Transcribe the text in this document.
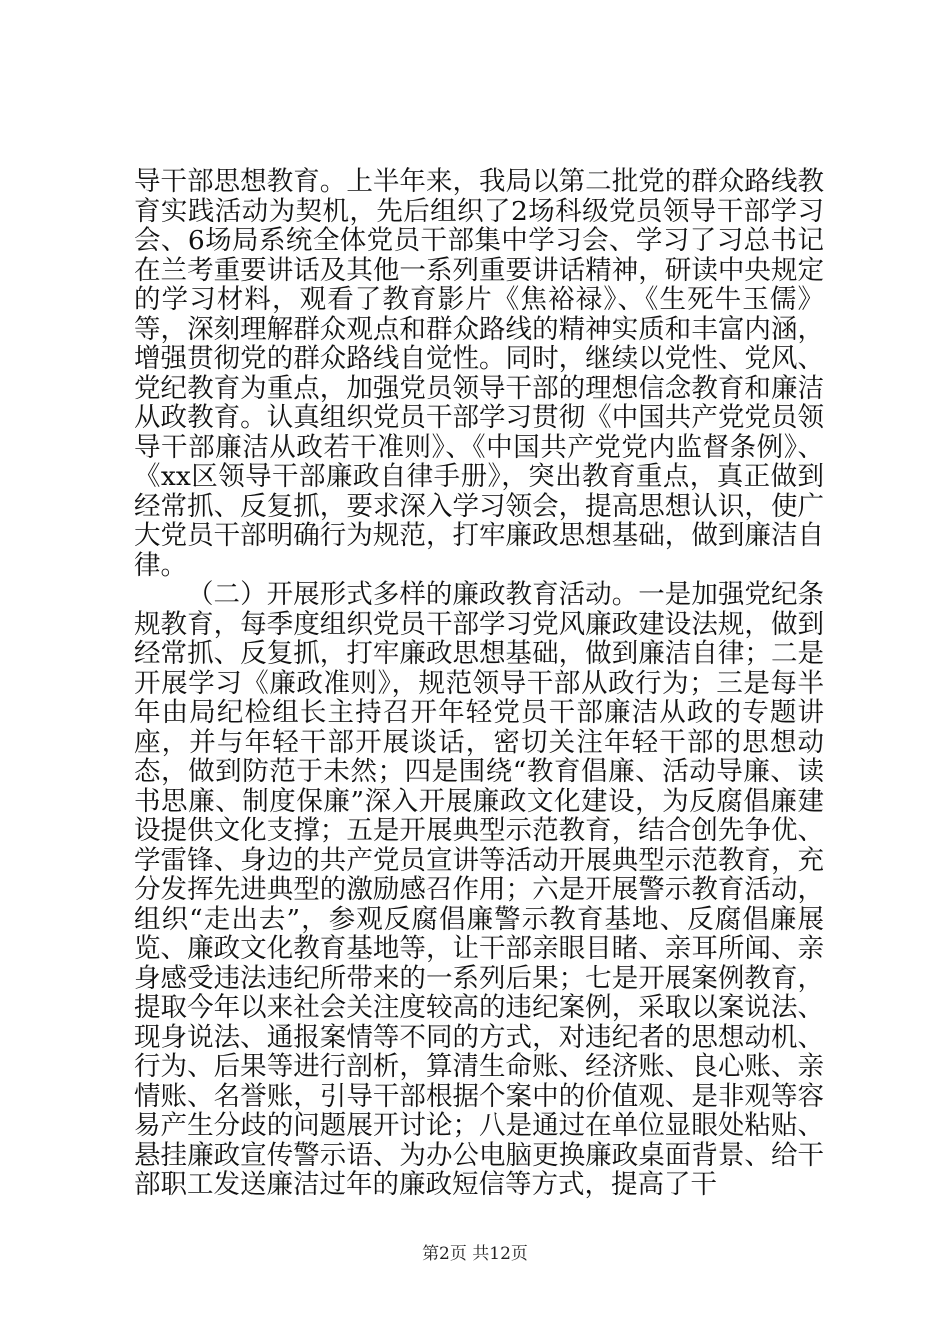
导干部思想教育。上半年来，我局以第二批党的群众路线教育实践活动为契机，先后组织了2场科级党员领导干部学习会、6场局系统全体党员干部集中学习会、学习了习总书记在兰考重要讲话及其他一系列重要讲话精神，研读中央规定的学习材料，观看了教育影片《焦裕禄》、《生死牛玉儒》等，深刻理解群众观点和群众路线的精神实质和丰富内涵，增强贯彻党的群众路线自觉性。同时，继续以党性、党风、党纪教育为重点，加强党员领导干部的理想信念教育和廉洁从政教育。认真组织党员干部学习贯彻《中国共产党党员领导干部廉洁从政若干准则》、《中国共产党党内监督条例》、《xx区领导干部廉政自律手册》，突出教育重点，真正做到经常抓、反复抓，要求深入学习领会，提高思想认识，使广大党员干部明确行为规范，打牢廉政思想基础，做到廉洁自律。

（二）开展形式多样的廉政教育活动。一是加强党纪条规教育，每季度组织党员干部学习党风廉政建设法规，做到经常抓、反复抓，打牢廉政思想基础，做到廉洁自律；二是开展学习《廉政准则》，规范领导干部从政行为；三是每半年由局纪检组长主持召开年轻党员干部廉洁从政的专题讲座，并与年轻干部开展谈话，密切关注年轻干部的思想动态，做到防范于未然；四是围绕“教育倡廉、活动导廉、读书思廉、制度保廉”深入开展廉政文化建设，为反腐倡廉建设提供文化支撑；五是开展典型示范教育，结合创先争优、学雷锋、身边的共产党员宣讲等活动开展典型示范教育，充分发挥先进典型的激励感召作用；六是开展警示教育活动，组织“走出去”，参观反腐倡廉警示教育基地、反腐倡廉展览、廉政文化教育基地等，让干部亲眼目睹、亲耳所闻、亲身感受违法违纪所带来的一系列后果；七是开展案例教育，提取今年以来社会关注度较高的违纪案例，采取以案说法、现身说法、通报案情等不同的方式，对违纪者的思想动机、行为、后果等进行剖析，算清生命账、经济账、良心账、亲情账、名誉账，引导干部根据个案中的价值观、是非观等容易产生分歧的问题展开讨论；八是通过在单位显眼处粘贴、悬挂廉政宣传警示语、为办公电脑更换廉政桌面背景、给干部职工发送廉洁过年的廉政短信等方式，提高了干

第2页 共12页
